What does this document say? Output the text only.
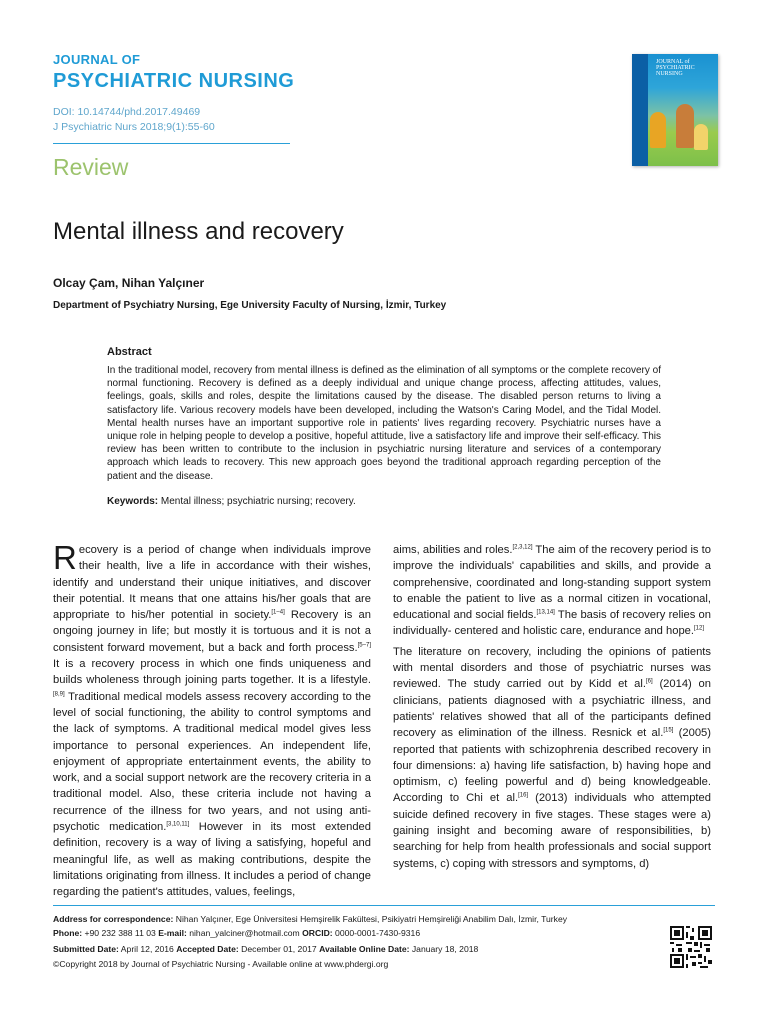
JOURNAL OF
PSYCHIATRIC NURSING
DOI: 10.14744/phd.2017.49469
J Psychiatric Nurs 2018;9(1):55-60
Review
JOURNAL of
PSYCHIATRIC
NURSING
Mental illness and recovery
Olcay Çam, Nihan Yalçıner
Department of Psychiatry Nursing, Ege University Faculty of Nursing, İzmir, Turkey
Abstract
In the traditional model, recovery from mental illness is defined as the elimination of all symptoms or the complete recovery of normal functioning. Recovery is defined as a deeply individual and unique change process, affecting attitudes, values, feelings, goals, skills and roles, despite the limitations caused by the disease. The disabled person returns to living a satisfactory life. Various recovery models have been developed, including the Watson's Caring Model, and the Tidal Model. Mental health nurses have an important supportive role in patients' lives regarding recovery. Psychiatric nurses have a unique role in helping people to develop a positive, hopeful attitude, live a satisfactory life and improve their self-efficacy. This review has been written to contribute to the inclusion in psychiatric nursing literature and services of a contemporary approach which leads to recovery. This new approach goes beyond the traditional approach regarding perception of the patient and the disease.
Keywords: Mental illness; psychiatric nursing; recovery.

Recovery is a period of change when individuals improve their health, live a life in accordance with their wishes, identify and understand their unique initiatives, and discover their potential. It means that one attains his/her goals that are appropriate to his/her potential in society.[1–4] Recovery is an ongoing journey in life; but mostly it is tortuous and it is not a consistent forward movement, but a back and forth process.[5–7] It is a recovery process in which one finds uniqueness and builds wholeness through joining parts together. It is a lifestyle.[8,9] Traditional medical models assess recovery according to the level of social functioning, the ability to control symptoms and the lack of symptoms. A traditional medical model gives less importance to personal experiences. An independent life, enjoyment of appropriate entertainment events, the ability to work, and a social support network are the recovery criteria in a traditional model. Also, these criteria include not having a recurrence of the illness for two years, and not using anti-psychotic medication.[3,10,11] However in its most extended definition, recovery is a way of living a satisfying, hopeful and meaningful life, as well as making contributions, despite the limitations originating from illness. It includes a period of change regarding the patient's attitudes, values, feelings,

aims, abilities and roles.[2,3,12] The aim of the recovery period is to improve the individuals' capabilities and skills, and provide a comprehensive, coordinated and long-standing support system to enable the patient to live as a normal citizen in vocational, educational and social fields.[13,14] The basis of recovery relies on individually- centered and holistic care, endurance and hope.[12]

The literature on recovery, including the opinions of patients with mental disorders and those of psychiatric nurses was reviewed. The study carried out by Kidd et al.[6] (2014) on clinicians, patients diagnosed with a psychiatric illness, and patients' relatives showed that all of the participants defined recovery as elimination of the illness. Resnick et al.[15] (2005) reported that patients with schizophrenia described recovery in four dimensions: a) having life satisfaction, b) having hope and optimism, c) feeling powerful and d) being knowledgeable. According to Chi et al.[16] (2013) individuals who attempted suicide defined recovery in five stages. These stages were a) gaining insight and becoming aware of responsibilities, b) searching for help from health professionals and social support systems, c) coping with stressors and symptoms, d)

Address for correspondence: Nihan Yalçıner, Ege Üniversitesi Hemşirelik Fakültesi, Psikiyatri Hemşireliği Anabilim Dalı, İzmir, Turkey
Phone: +90 232 388 11 03 E-mail: nihan_yalciner@hotmail.com ORCID: 0000-0001-7430-9316
Submitted Date: April 12, 2016 Accepted Date: December 01, 2017 Available Online Date: January 18, 2018
©Copyright 2018 by Journal of Psychiatric Nursing - Available online at www.phdergi.org
